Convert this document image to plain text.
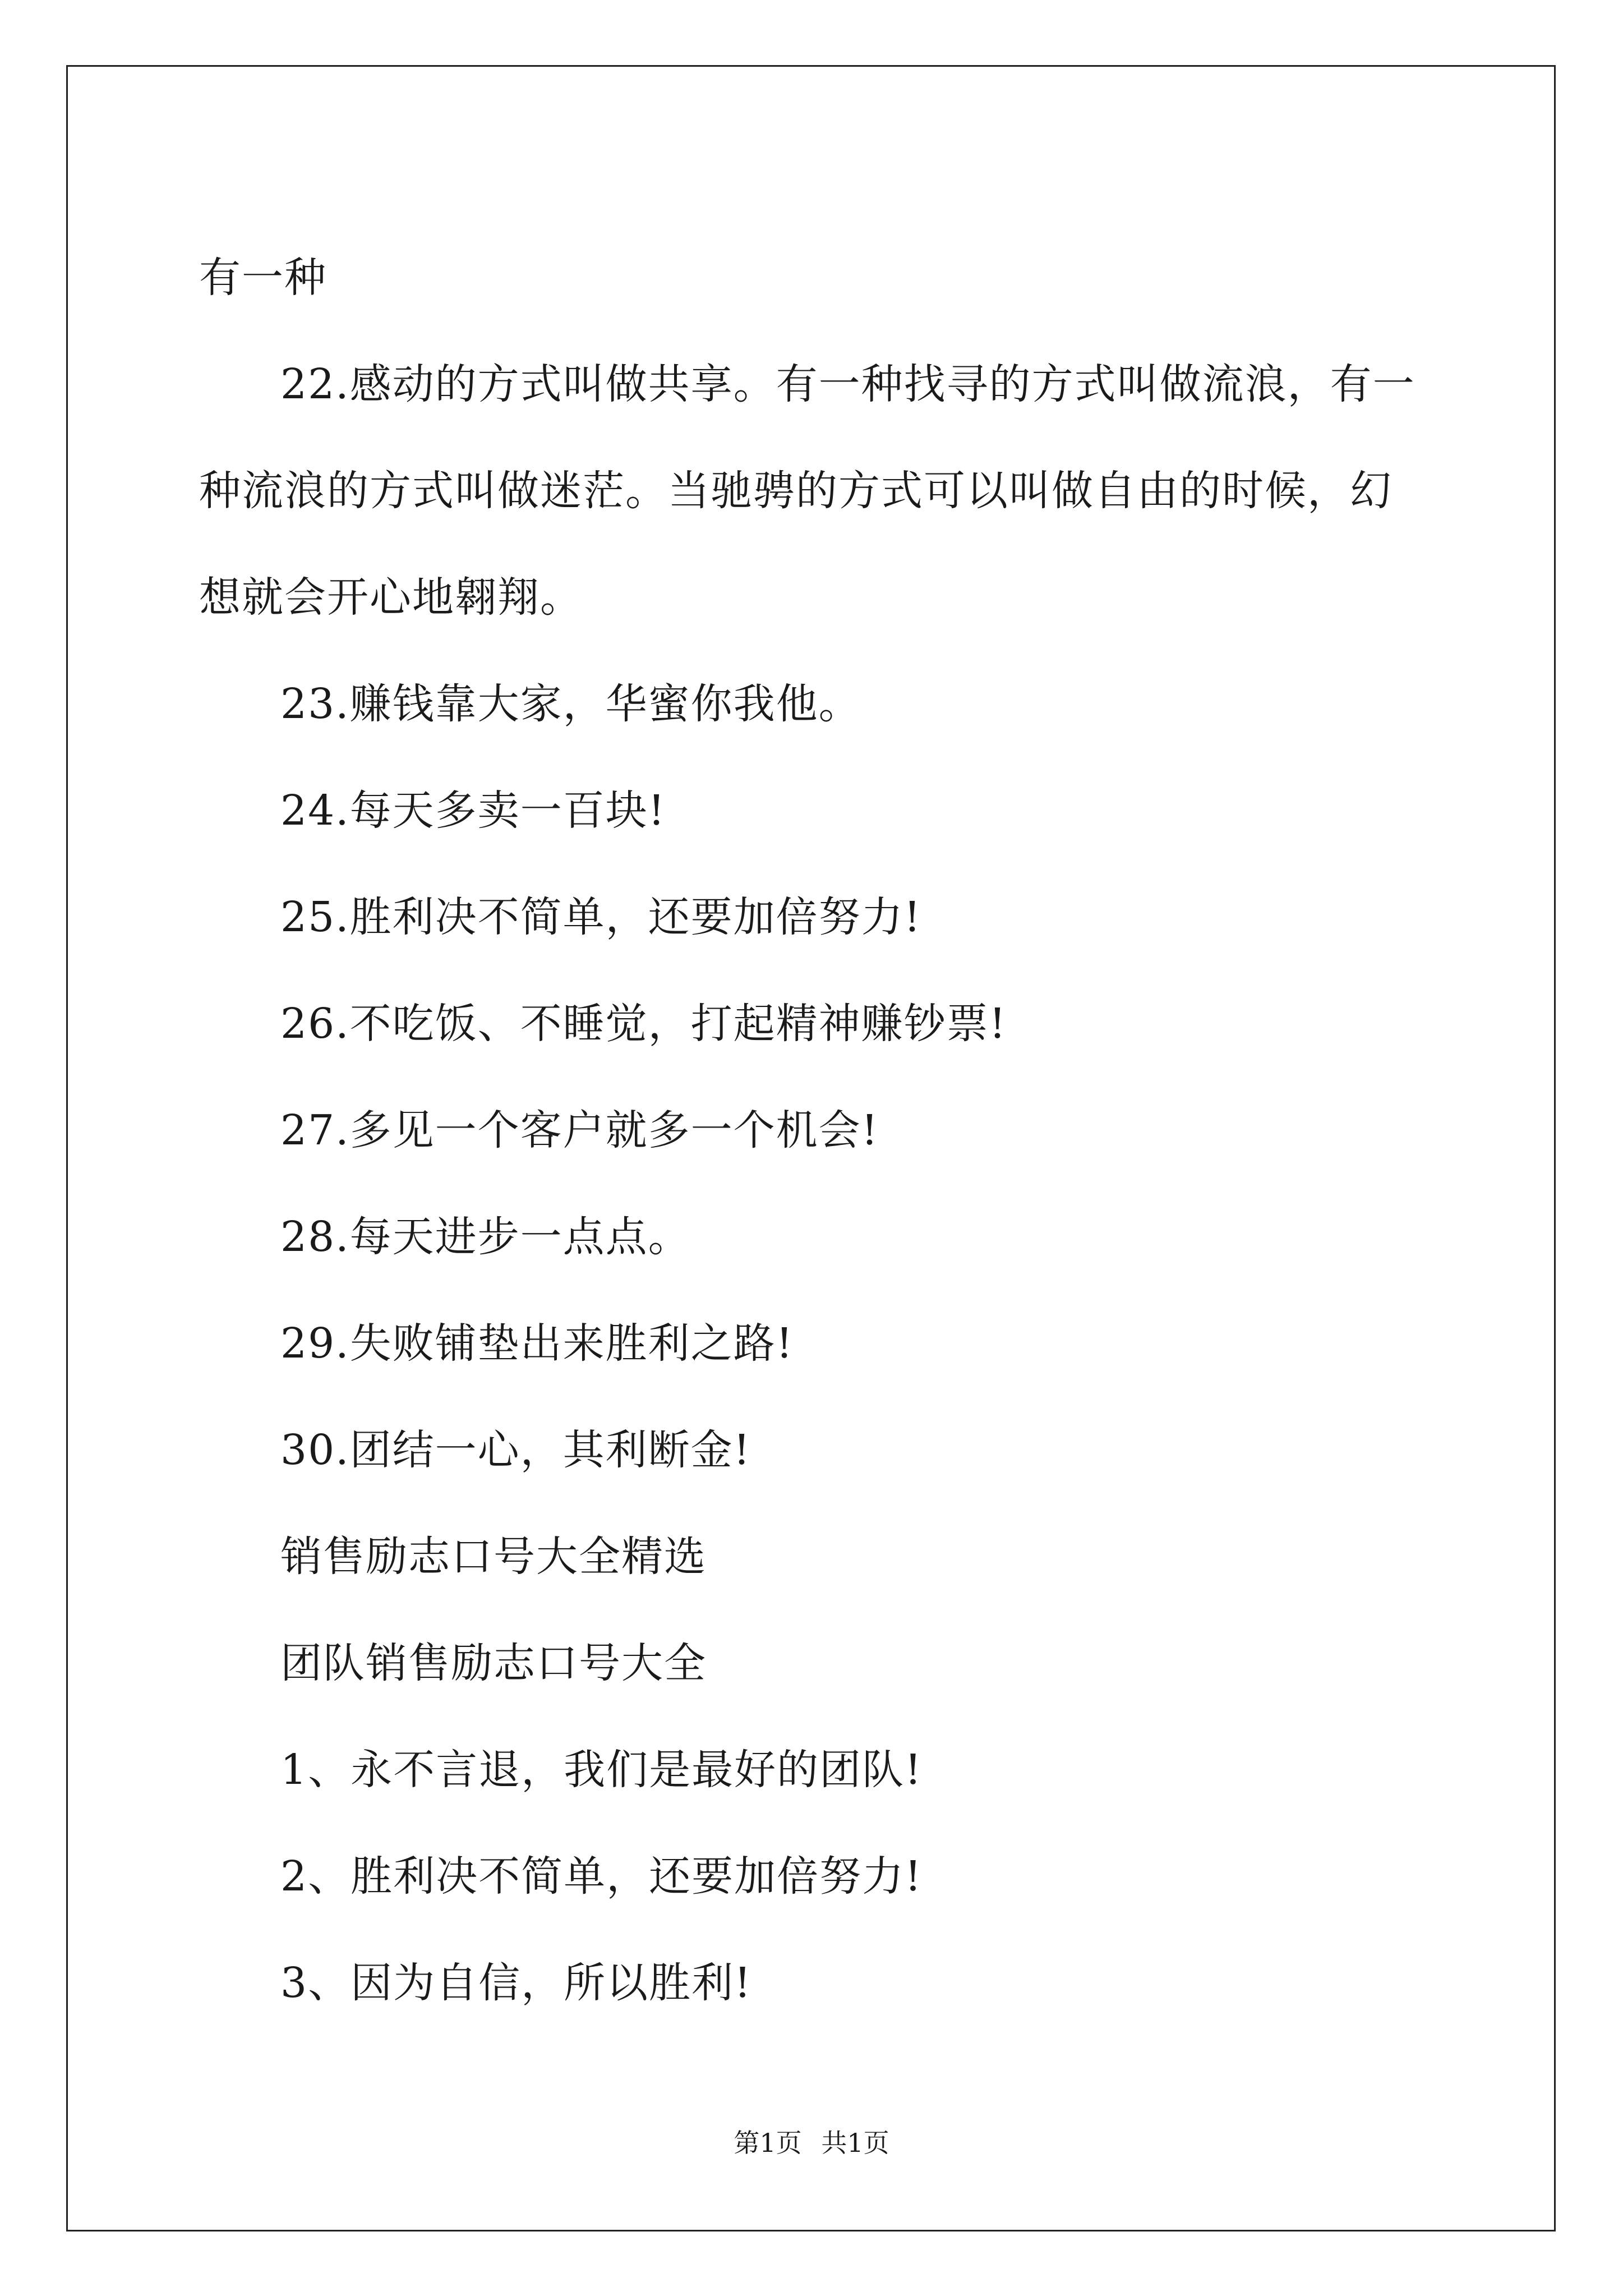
有一种

22.感动的方式叫做共享。有一种找寻的方式叫做流浪，有一种流浪的方式叫做迷茫。当驰骋的方式可以叫做自由的时候，幻想就会开心地翱翔。

23.赚钱靠大家，华蜜你我他。
24.每天多卖一百块!
25.胜利决不简单，还要加倍努力!
26.不吃饭、不睡觉，打起精神赚钞票!
27.多见一个客户就多一个机会!
28.每天进步一点点。
29.失败铺垫出来胜利之路!
30.团结一心，其利断金!
销售励志口号大全精选
团队销售励志口号大全
1、永不言退，我们是最好的团队!
2、胜利决不简单，还要加倍努力!
3、因为自信，所以胜利!
第1页 共1页
